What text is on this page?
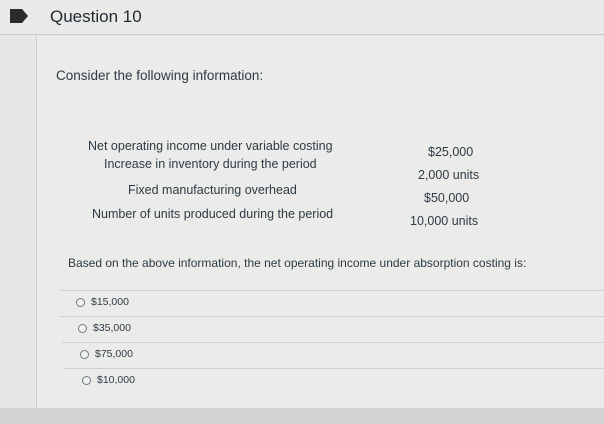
Question 10
Consider the following information:
Net operating income under variable costing	$25,000
Increase in inventory during the period
2,000 units
Fixed manufacturing overhead
$50,000
Number of units produced during the period	10,000 units
Based on the above information, the net operating income under absorption costing is:
$15,000
$35,000
$75,000
$10,000
